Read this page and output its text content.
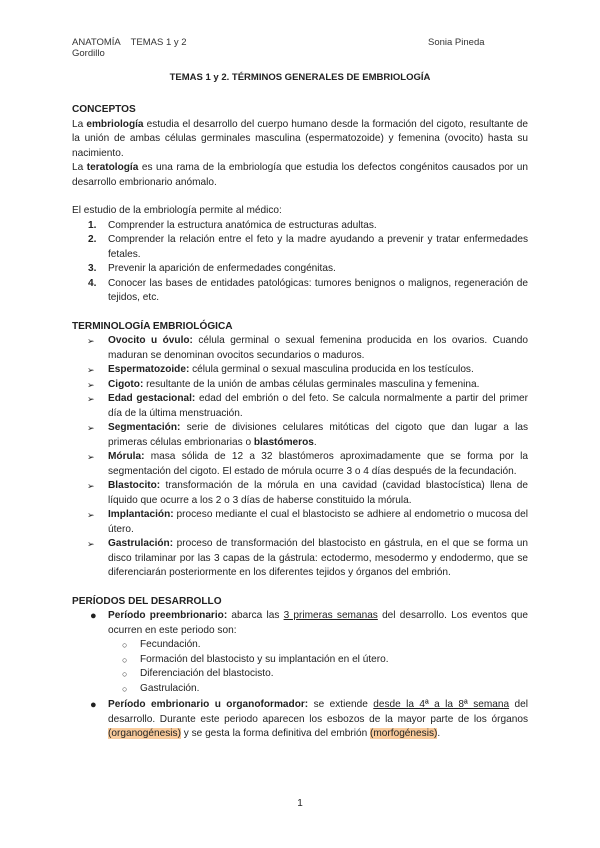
ANATOMÍA    TEMAS 1 y 2
Gordillo
Sonia Pineda
TEMAS 1 y 2. TÉRMINOS GENERALES DE EMBRIOLOGÍA
CONCEPTOS
La embriología estudia el desarrollo del cuerpo humano desde la formación del cigoto, resultante de la unión de ambas células germinales masculina (espermatozoide) y femenina (ovocito) hasta su nacimiento.
La teratología es una rama de la embriología que estudia los defectos congénitos causados por un desarrollo embrionario anómalo.
El estudio de la embriología permite al médico:
1. Comprender la estructura anatómica de estructuras adultas.
2. Comprender la relación entre el feto y la madre ayudando a prevenir y tratar enfermedades fetales.
3. Prevenir la aparición de enfermedades congénitas.
4. Conocer las bases de entidades patológicas: tumores benignos o malignos, regeneración de tejidos, etc.
TERMINOLOGÍA EMBRIOLÓGICA
➢ Ovocito u óvulo: célula germinal o sexual femenina producida en los ovarios. Cuando maduran se denominan ovocitos secundarios o maduros.
➢ Espermatozoide: célula germinal o sexual masculina producida en los testículos.
➢ Cigoto: resultante de la unión de ambas células germinales masculina y femenina.
➢ Edad gestacional: edad del embrión o del feto. Se calcula normalmente a partir del primer día de la última menstruación.
➢ Segmentación: serie de divisiones celulares mitóticas del cigoto que dan lugar a las primeras células embrionarias o blastómeros.
➢ Mórula: masa sólida de 12 a 32 blastómeros aproximadamente que se forma por la segmentación del cigoto. El estado de mórula ocurre 3 o 4 días después de la fecundación.
➢ Blastocito: transformación de la mórula en una cavidad (cavidad blastocística) llena de líquido que ocurre a los 2 o 3 días de haberse constituido la mórula.
➢ Implantación: proceso mediante el cual el blastocisto se adhiere al endometrio o mucosa del útero.
➢ Gastrulación: proceso de transformación del blastocisto en gástrula, en el que se forma un disco trilaminar por las 3 capas de la gástrula: ectodermo, mesodermo y endodermo, que se diferenciarán posteriormente en los diferentes tejidos y órganos del embrión.
PERÍODOS DEL DESARROLLO
● Período preembrionario: abarca las 3 primeras semanas del desarrollo. Los eventos que ocurren en este periodo son:
○ Fecundación.
○ Formación del blastocisto y su implantación en el útero.
○ Diferenciación del blastocisto.
○ Gastrulación.
● Período embrionario u organoformador: se extiende desde la 4ª a la 8ª semana del desarrollo. Durante este periodo aparecen los esbozos de la mayor parte de los órganos (organogénesis) y se gesta la forma definitiva del embrión (morfogénesis).
1
